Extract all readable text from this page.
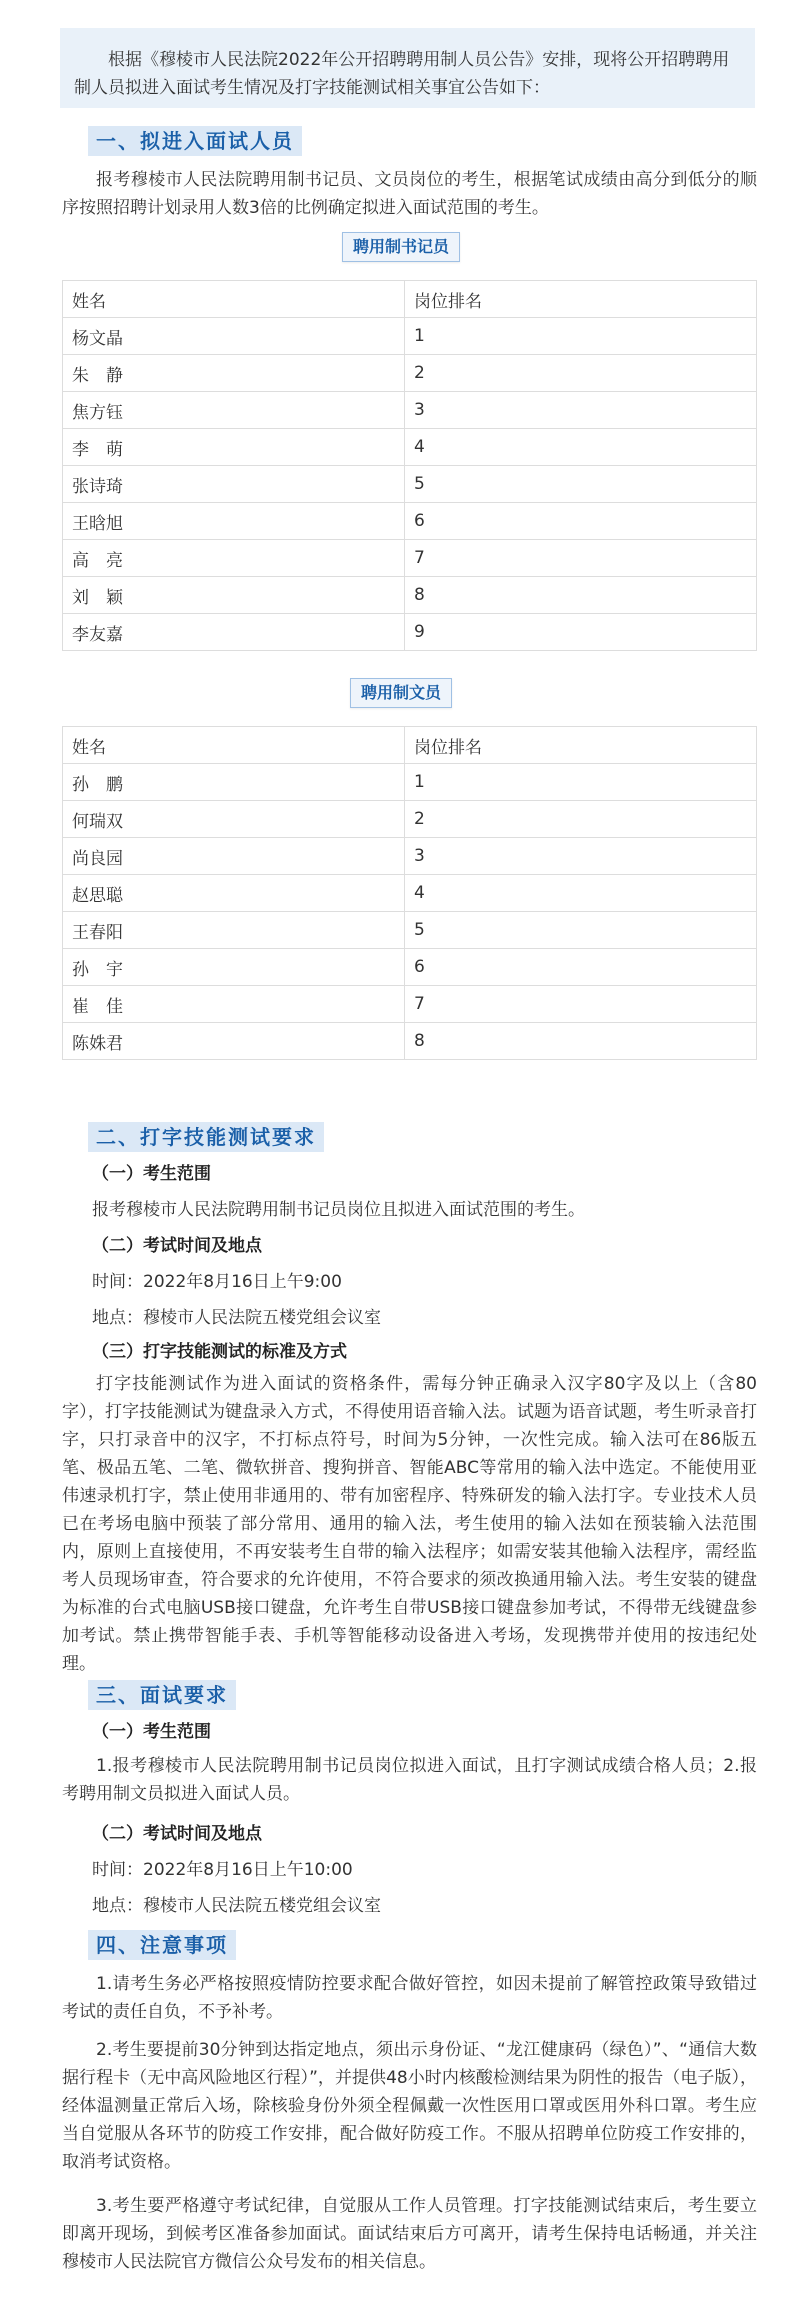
根据《穆棱市人民法院2022年公开招聘聘用制人员公告》安排，现将公开招聘聘用制人员拟进入面试考生情况及打字技能测试相关事宜公告如下：
一、拟进入面试人员
报考穆棱市人民法院聘用制书记员、文员岗位的考生，根据笔试成绩由高分到低分的顺序按照招聘计划录用人数3倍的比例确定拟进入面试范围的考生。
聘用制书记员
姓名	岗位排名
杨文晶	1
朱　静	2
焦方钰	3
李　萌	4
张诗琦	5
王晗旭	6
高　亮	7
刘　颖	8
李友嘉	9
聘用制文员
姓名	岗位排名
孙　鹏	1
何瑞双	2
尚良园	3
赵思聪	4
王春阳	5
孙　宇	6
崔　佳	7
陈姝君	8
二、打字技能测试要求
（一）考生范围
报考穆棱市人民法院聘用制书记员岗位且拟进入面试范围的考生。
（二）考试时间及地点
时间：2022年8月16日上午9:00
地点：穆棱市人民法院五楼党组会议室
（三）打字技能测试的标准及方式
打字技能测试作为进入面试的资格条件，需每分钟正确录入汉字80字及以上（含80字），打字技能测试为键盘录入方式，不得使用语音输入法。试题为语音试题，考生听录音打字，只打录音中的汉字，不打标点符号，时间为5分钟，一次性完成。输入法可在86版五笔、极品五笔、二笔、微软拼音、搜狗拼音、智能ABC等常用的输入法中选定。不能使用亚伟速录机打字，禁止使用非通用的、带有加密程序、特殊研发的输入法打字。专业技术人员已在考场电脑中预装了部分常用、通用的输入法，考生使用的输入法如在预装输入法范围内，原则上直接使用，不再安装考生自带的输入法程序；如需安装其他输入法程序，需经监考人员现场审查，符合要求的允许使用，不符合要求的须改换通用输入法。考生安装的键盘为标准的台式电脑USB接口键盘，允许考生自带USB接口键盘参加考试，不得带无线键盘参加考试。禁止携带智能手表、手机等智能移动设备进入考场，发现携带并使用的按违纪处理。
三、面试要求
（一）考生范围
1.报考穆棱市人民法院聘用制书记员岗位拟进入面试，且打字测试成绩合格人员；2.报考聘用制文员拟进入面试人员。
（二）考试时间及地点
时间：2022年8月16日上午10:00
地点：穆棱市人民法院五楼党组会议室
四、注意事项
1.请考生务必严格按照疫情防控要求配合做好管控，如因未提前了解管控政策导致错过考试的责任自负，不予补考。
2.考生要提前30分钟到达指定地点，须出示身份证、“龙江健康码（绿色）”、“通信大数据行程卡（无中高风险地区行程）”，并提供48小时内核酸检测结果为阴性的报告（电子版），经体温测量正常后入场，除核验身份外须全程佩戴一次性医用口罩或医用外科口罩。考生应当自觉服从各环节的防疫工作安排，配合做好防疫工作。不服从招聘单位防疫工作安排的，取消考试资格。
3.考生要严格遵守考试纪律，自觉服从工作人员管理。打字技能测试结束后，考生要立即离开现场，到候考区准备参加面试。面试结束后方可离开，请考生保持电话畅通，并关注穆棱市人民法院官方微信公众号发布的相关信息。
